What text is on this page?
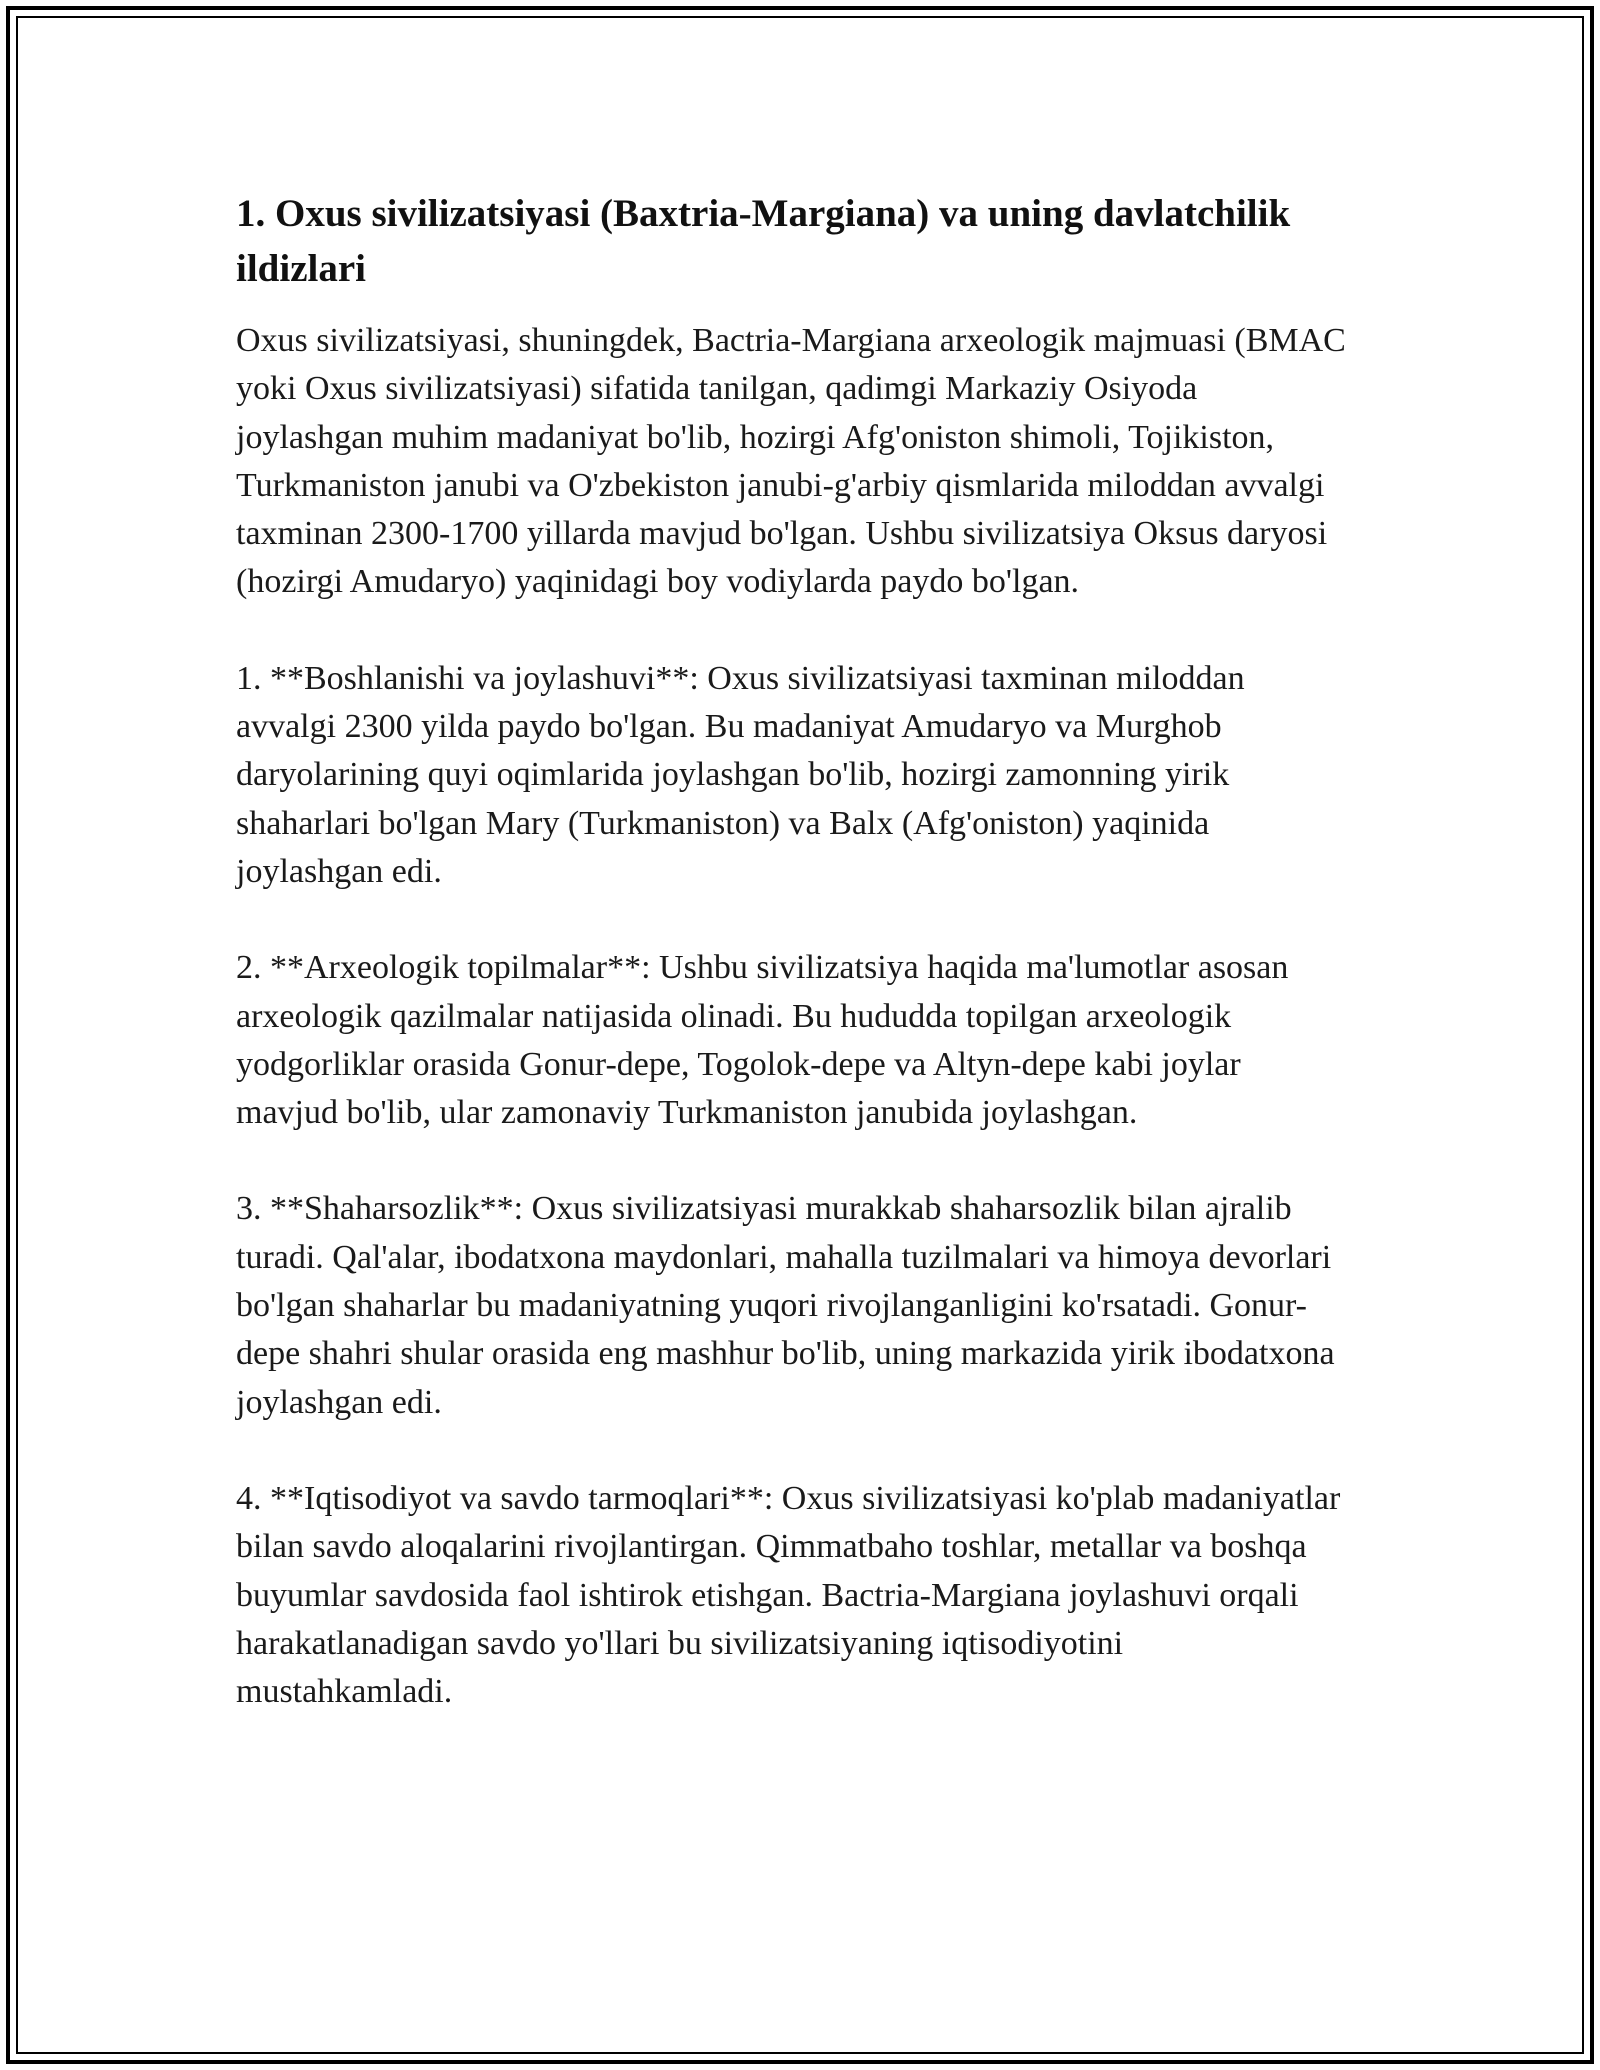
1. Oxus sivilizatsiyasi (Baxtria-Margiana) va uning davlatchilik ildizlari

Oxus sivilizatsiyasi, shuningdek, Bactria-Margiana arxeologik majmuasi (BMAC yoki Oxus sivilizatsiyasi) sifatida tanilgan, qadimgi Markaziy Osiyoda joylashgan muhim madaniyat bo'lib, hozirgi Afg'oniston shimoli, Tojikiston, Turkmaniston janubi va O'zbekiston janubi-g'arbiy qismlarida miloddan avvalgi taxminan 2300-1700 yillarda mavjud bo'lgan. Ushbu sivilizatsiya Oksus daryosi (hozirgi Amudaryo) yaqinidagi boy vodiylarda paydo bo'lgan.

1. **Boshlanishi va joylashuvi**: Oxus sivilizatsiyasi taxminan miloddan avvalgi 2300 yilda paydo bo'lgan. Bu madaniyat Amudaryo va Murghob daryolarining quyi oqimlarida joylashgan bo'lib, hozirgi zamonning yirik shaharlari bo'lgan Mary (Turkmaniston) va Balx (Afg'oniston) yaqinida joylashgan edi.

2. **Arxeologik topilmalar**: Ushbu sivilizatsiya haqida ma'lumotlar asosan arxeologik qazilmalar natijasida olinadi. Bu hududda topilgan arxeologik yodgorliklar orasida Gonur-depe, Togolok-depe va Altyn-depe kabi joylar mavjud bo'lib, ular zamonaviy Turkmaniston janubida joylashgan.

3. **Shaharsozlik**: Oxus sivilizatsiyasi murakkab shaharsozlik bilan ajralib turadi. Qal'alar, ibodatxona maydonlari, mahalla tuzilmalari va himoya devorlari bo'lgan shaharlar bu madaniyatning yuqori rivojlanganligini ko'rsatadi. Gonur-depe shahri shular orasida eng mashhur bo'lib, uning markazida yirik ibodatxona joylashgan edi.

4. **Iqtisodiyot va savdo tarmoqlari**: Oxus sivilizatsiyasi ko'plab madaniyatlar bilan savdo aloqalarini rivojlantirgan. Qimmatbaho toshlar, metallar va boshqa buyumlar savdosida faol ishtirok etishgan. Bactria-Margiana joylashuvi orqali harakatlanadigan savdo yo'llari bu sivilizatsiyaning iqtisodiyotini mustahkamladi.
